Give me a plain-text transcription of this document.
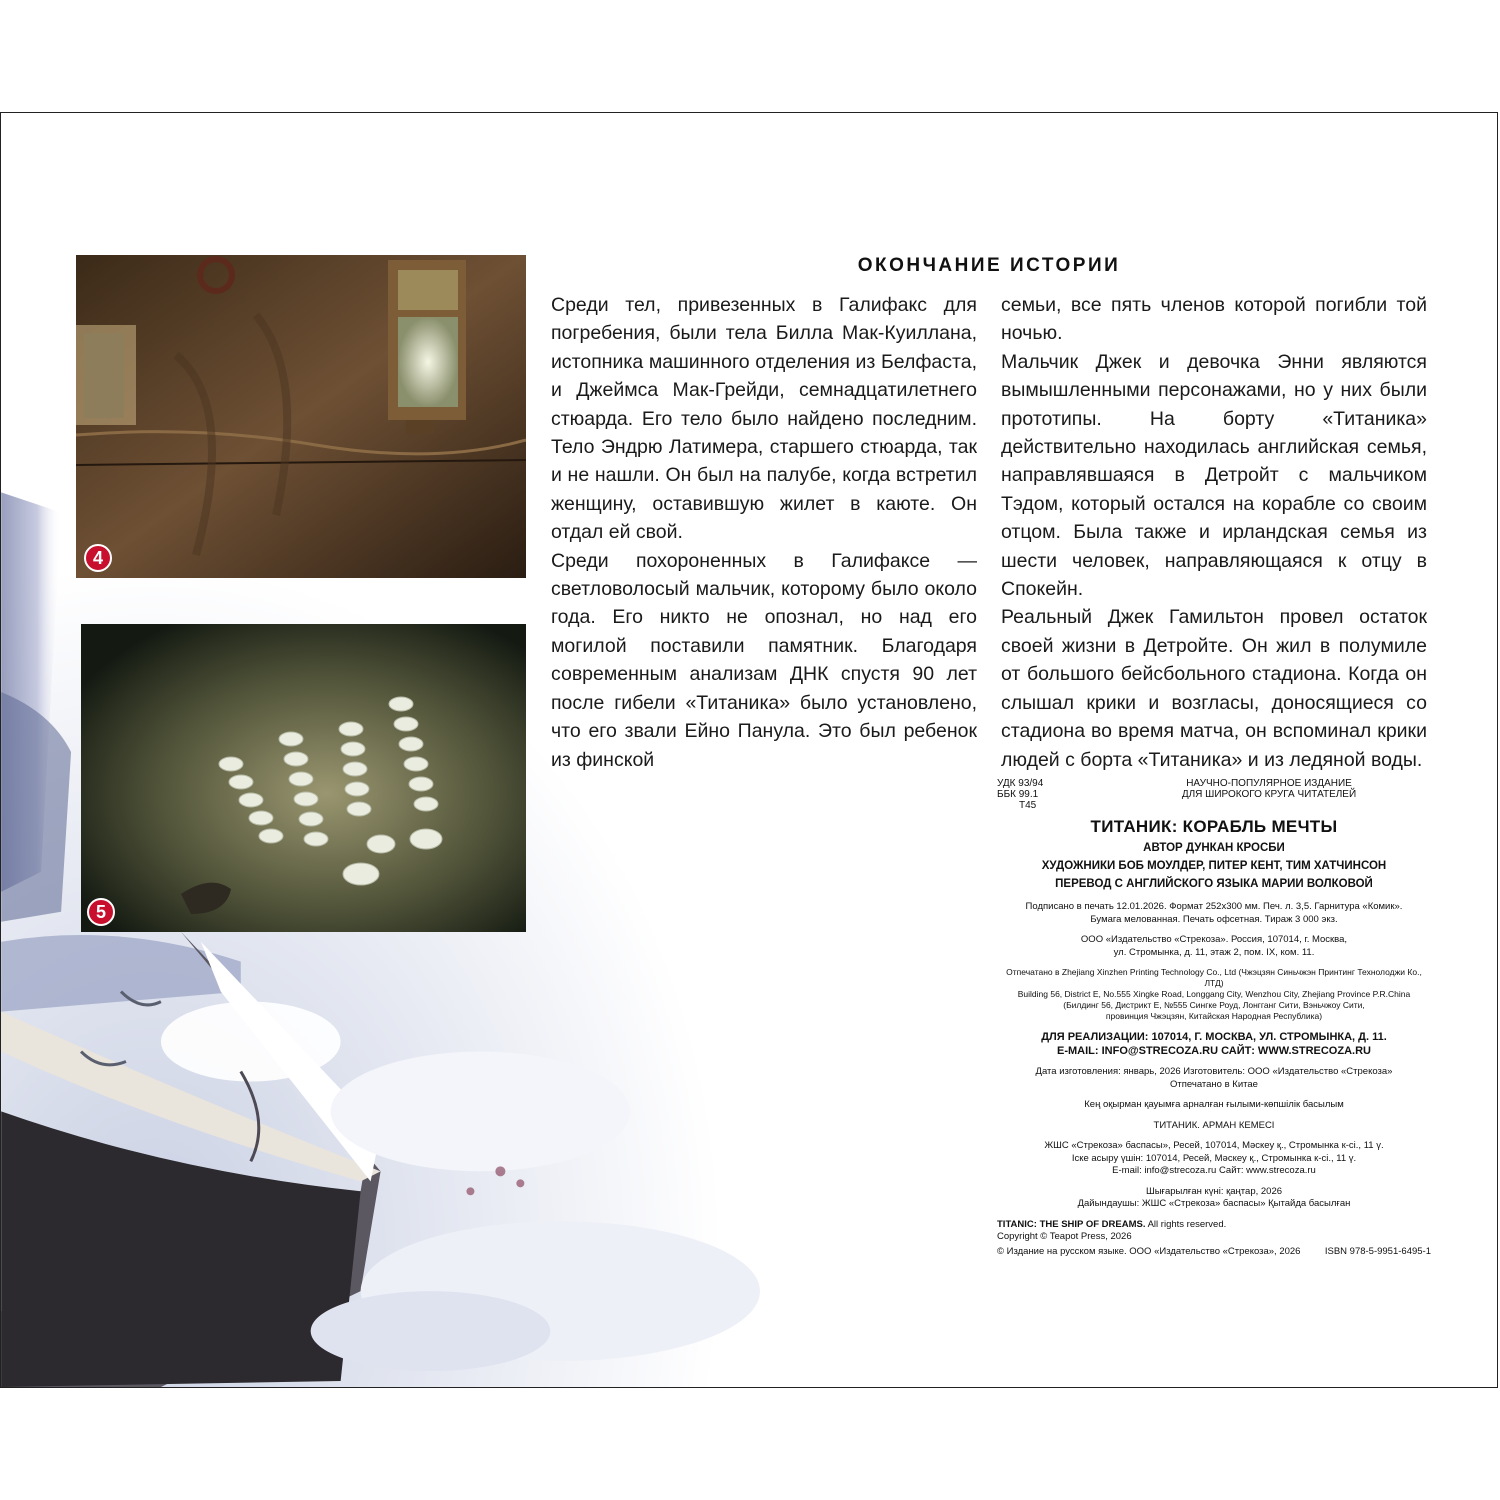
4
5
ОКОНЧАНИЕ ИСТОРИИ

Среди тел, привезенных в Галифакс для погребения, были тела Билла Мак-Куиллана, истопника машинного отделения из Белфаста, и Джеймса Мак-Грейди, семнадцатилетнего стюарда. Его тело было найдено последним. Тело Эндрю Латимера, старшего стюарда, так и не нашли. Он был на палубе, когда встретил женщину, оставившую жилет в каюте. Он отдал ей свой.

Среди похороненных в Галифаксе — светловолосый мальчик, которому было около года. Его никто не опознал, но над его могилой поставили памятник. Благодаря современным анализам ДНК спустя 90 лет после гибели «Титаника» было установлено, что его звали Ейно Панула. Это был ребенок из финской

семьи, все пять членов которой погибли той ночью.

Мальчик Джек и девочка Энни являются вымышленными персонажами, но у них были прототипы. На борту «Титаника» действительно находилась английская семья, направлявшаяся в Детройт с мальчиком Тэдом, который остался на корабле со своим отцом. Была также и ирландская семья из шести человек, направляющаяся к отцу в Спокейн.

Реальный Джек Гамильтон провел остаток своей жизни в Детройте. Он жил в полумиле от большого бейсбольного стадиона. Когда он слышал крики и возгласы, доносящиеся со стадиона во время матча, он вспоминал крики людей с борта «Титаника» и из ледяной воды.

УДК 93/94
ББК 99.1
Т45
НАУЧНО-ПОПУЛЯРНОЕ ИЗДАНИЕ
ДЛЯ ШИРОКОГО КРУГА ЧИТАТЕЛЕЙ
ТИТАНИК: КОРАБЛЬ МЕЧТЫ
АВТОР ДУНКАН КРОСБИ
ХУДОЖНИКИ БОБ МОУЛДЕР, ПИТЕР КЕНТ, ТИМ ХАТЧИНСОН
ПЕРЕВОД С АНГЛИЙСКОГО ЯЗЫКА МАРИИ ВОЛКОВОЙ
Подписано в печать 12.01.2026. Формат 252х300 мм. Печ. л. 3,5. Гарнитура «Комик».
Бумага мелованная. Печать офсетная. Тираж 3 000 экз.
ООО «Издательство «Стрекоза». Россия, 107014, г. Москва,
ул. Стромынка, д. 11, этаж 2, пом. IX, ком. 11.
Отпечатано в Zhejiang Xinzhen Printing Technology Co., Ltd (Чжэцзян Синьчжэн Принтинг Технолоджи Ко., ЛТД)
Building 56, District E, No.555 Xingke Road, Longgang City, Wenzhou City, Zhejiang Province P.R.China
(Билдинг 56, Дистрикт Е, №555 Сингке Роуд, Лонгганг Сити, Вэньчжоу Сити,
провинция Чжэцзян, Китайская Народная Республика)
ДЛЯ РЕАЛИЗАЦИИ: 107014, Г. МОСКВА, УЛ. СТРОМЫНКА, Д. 11.
E-MAIL: INFO@STRECOZA.RU САЙТ: WWW.STRECOZA.RU
Дата изготовления: январь, 2026 Изготовитель: ООО «Издательство «Стрекоза»
Отпечатано в Китае
Кең оқырман қауымға арналған ғылыми-көпшілік басылым
ТИТАНИК. АРМАН КЕМЕСІ
ЖШС «Стрекоза» баспасы», Ресей, 107014, Мәскеу қ., Стромынка к-сі., 11 ү.
Іске асыру үшін: 107014, Ресей, Мәскеу қ., Стромынка к-сі., 11 ү.
E-mail: info@strecoza.ru Сайт: www.strecoza.ru
Шығарылған күні: қаңтар, 2026
Дайындаушы: ЖШС «Стрекоза» баспасы» Қытайда басылған
TITANIC: THE SHIP OF DREAMS. All rights reserved.
Copyright © Teapot Press, 2026
© Издание на русском языке. ООО «Издательство «Стрекоза», 2026	ISBN 978-5-9951-6495-1
